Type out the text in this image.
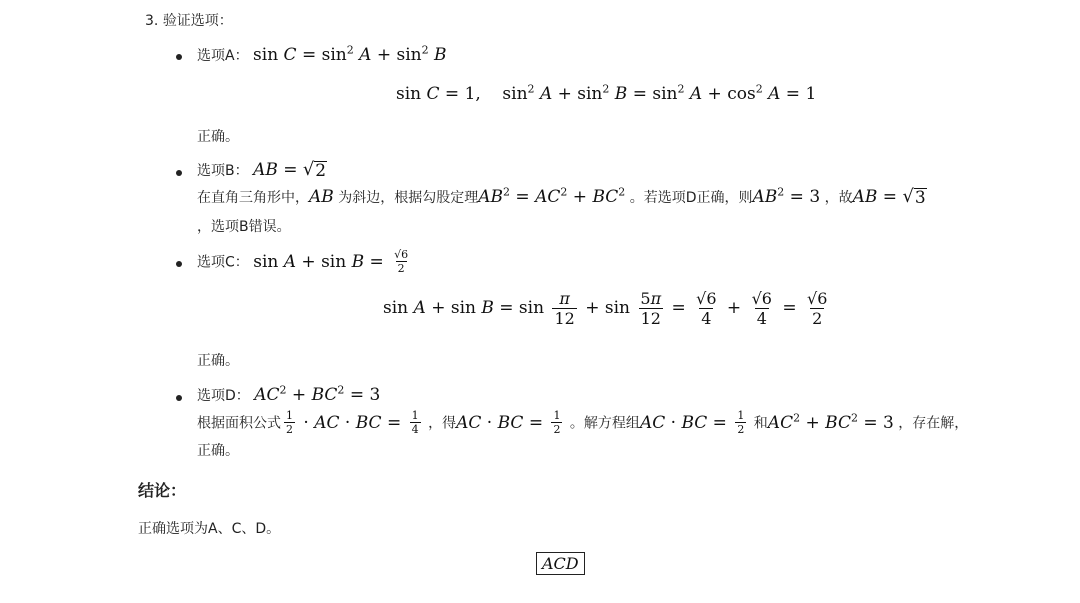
3. 验证选项：
选项A： $\sin C = \sin^2 A + \sin^2 B$
sin C = 1,    $\sin^2 A + \sin^2 B = \sin^2 A + \cos^2 A = 1$
正确。
选项B： AB = √ 2
在直角三角形中，AB 为斜边，根据勾股定理$AB^2 = AC^2 + BC^2$ 。若选项D正确，则$AB^2 = 3$ ，故AB = √ 3
，选项B错误。
选项C： $\sin A + \sin B = \frac{√6}{2}$
$\sin A + \sin B = \sin \frac{\pi}{12} + \sin \frac{5\pi}{12} = \frac{√6}{4} + \frac{√6}{4} = \frac{√6}{2}$
正确。
选项D： $AC^2 + BC^2 = 3$
根据面积公式 $\frac{1}{2}$ · AC · BC = $\frac{1}{4}$ ，得AC · BC = $\frac{1}{2}$ 。解方程组AC · BC = $\frac{1}{2}$ 和$AC^2 + BC^2 = 3$ ，存在解，
正确。
结论：
正确选项为A、C、D。
ACD
